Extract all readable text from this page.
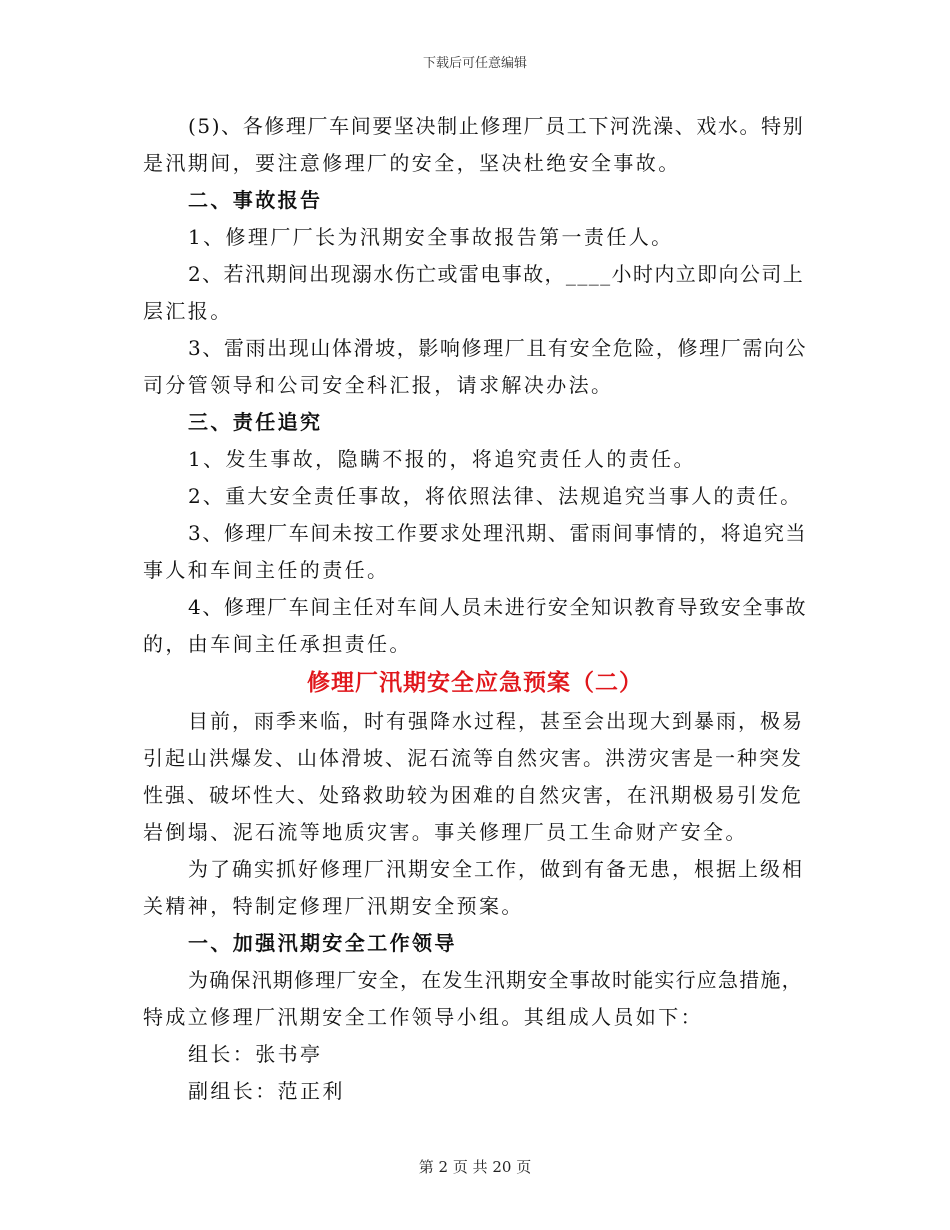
下载后可任意编辑
(5)、各修理厂车间要坚决制止修理厂员工下河洗澡、戏水。特别
是汛期间，要注意修理厂的安全，坚决杜绝安全事故。
二、事故报告
1、修理厂厂长为汛期安全事故报告第一责任人。
2、若汛期间出现溺水伤亡或雷电事故，____小时内立即向公司上
层汇报。
3、雷雨出现山体滑坡，影响修理厂且有安全危险，修理厂需向公
司分管领导和公司安全科汇报，请求解决办法。
三、责任追究
1、发生事故，隐瞒不报的，将追究责任人的责任。
2、重大安全责任事故，将依照法律、法规追究当事人的责任。
3、修理厂车间未按工作要求处理汛期、雷雨间事情的，将追究当
事人和车间主任的责任。
4、修理厂车间主任对车间人员未进行安全知识教育导致安全事故
的，由车间主任承担责任。
修理厂汛期安全应急预案（二）
目前，雨季来临，时有强降水过程，甚至会出现大到暴雨，极易
引起山洪爆发、山体滑坡、泥石流等自然灾害。洪涝灾害是一种突发
性强、破坏性大、处臵救助较为困难的自然灾害，在汛期极易引发危
岩倒塌、泥石流等地质灾害。事关修理厂员工生命财产安全。
为了确实抓好修理厂汛期安全工作，做到有备无患，根据上级相
关精神，特制定修理厂汛期安全预案。
一、加强汛期安全工作领导
为确保汛期修理厂安全，在发生汛期安全事故时能实行应急措施，
特成立修理厂汛期安全工作领导小组。其组成人员如下：
组长：张书亭
副组长：范正利
第 2 页 共 20 页
